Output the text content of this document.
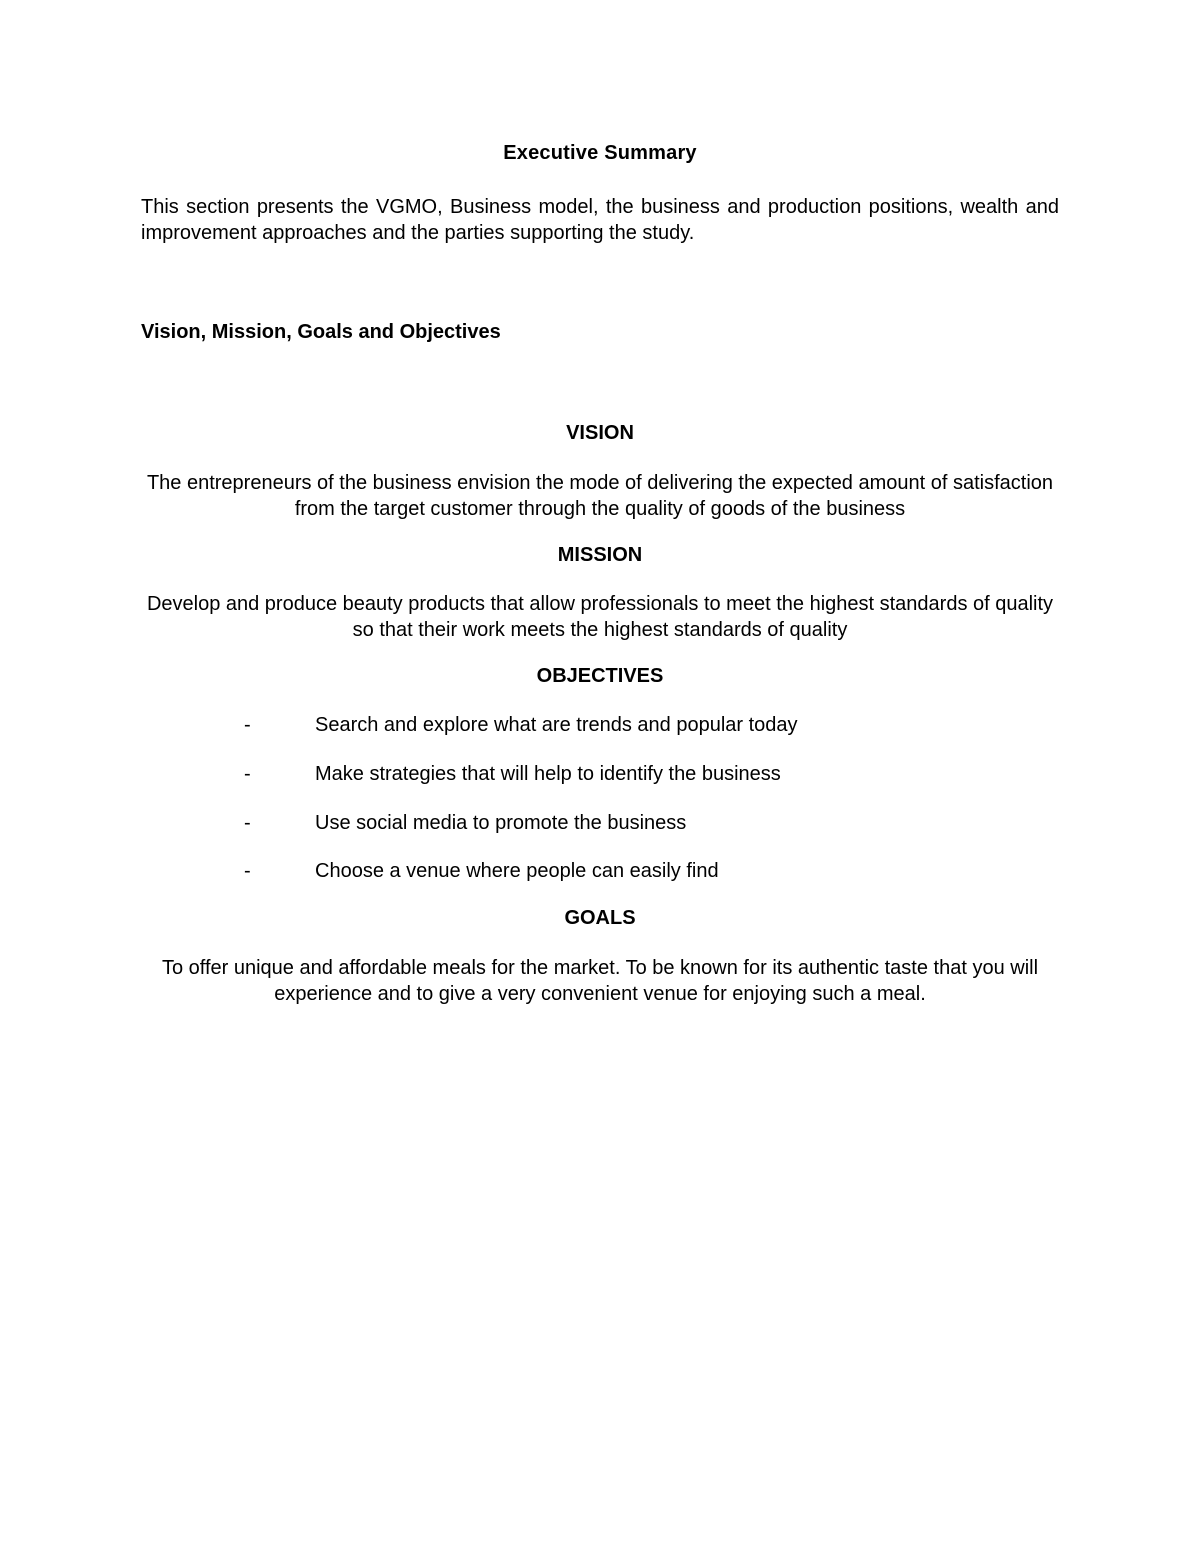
Executive Summary
This section presents the VGMO, Business model, the business and production positions, wealth and improvement approaches and the parties supporting the study.
Vision, Mission, Goals and Objectives
VISION
The entrepreneurs of the business envision the mode of delivering the expected amount of satisfaction from the target customer through the quality of goods of the business
MISSION
Develop and produce beauty products that allow professionals to meet the highest standards of quality so that their work meets the highest standards of quality
OBJECTIVES
-	Search and explore what are trends and popular today
-	Make strategies that will help to identify the business
-	Use social media to promote the business
-	Choose a venue where people can easily find
GOALS
To offer unique and affordable meals for the market. To be known for its authentic taste that you will experience and to give a very convenient venue for enjoying such a meal.
